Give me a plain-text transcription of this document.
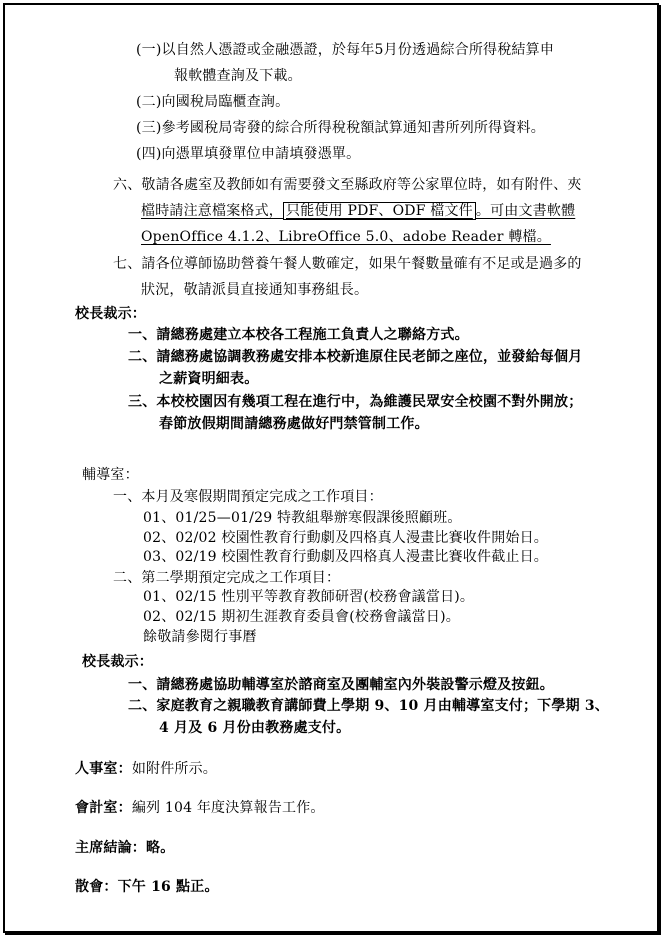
(一)以自然人憑證或金融憑證，於每年5月份透過綜合所得稅結算申
報軟體查詢及下載。
(二)向國稅局臨櫃查詢。
(三)參考國稅局寄發的綜合所得稅稅額試算通知書所列所得資料。
(四)向憑單填發單位申請填發憑單。
六、敬請各處室及教師如有需要發文至縣政府等公家單位時，如有附件、夾
檔時請注意檔案格式， 只能使用 PDF、ODF 檔文件 。可由文書軟體
OpenOffice 4.1.2、LibreOffice 5.0、adobe Reader 轉檔。
七、請各位導師協助營養午餐人數確定，如果午餐數量確有不足或是過多的
狀況，敬請派員直接通知事務組長。
校長裁示：
一、請總務處建立本校各工程施工負責人之聯絡方式。
二、請總務處協調教務處安排本校新進原住民老師之座位，並發給每個月
之薪資明細表。
三、本校校園因有幾項工程在進行中，為維護民眾安全校園不對外開放；
春節放假期間請總務處做好門禁管制工作。
輔導室：
一、本月及寒假期間預定完成之工作項目：
01、01/25—01/29 特教組舉辦寒假課後照顧班。
02、02/02 校園性教育行動劇及四格真人漫畫比賽收件開始日。
03、02/19 校園性教育行動劇及四格真人漫畫比賽收件截止日。
二、第二學期預定完成之工作項目：
01、02/15 性別平等教育教師研習(校務會議當日)。
02、02/15 期初生涯教育委員會(校務會議當日)。
餘敬請參閱行事曆
校長裁示：
一、請總務處協助輔導室於諮商室及團輔室內外裝設警示燈及按鈕。
二、家庭教育之親職教育講師費上學期 9、10 月由輔導室支付；下學期 3、
4 月及 6 月份由教務處支付。
人事室：如附件所示。
會計室：編列 104 年度決算報告工作。
主席結論：略。
散會：下午 16 點正。
